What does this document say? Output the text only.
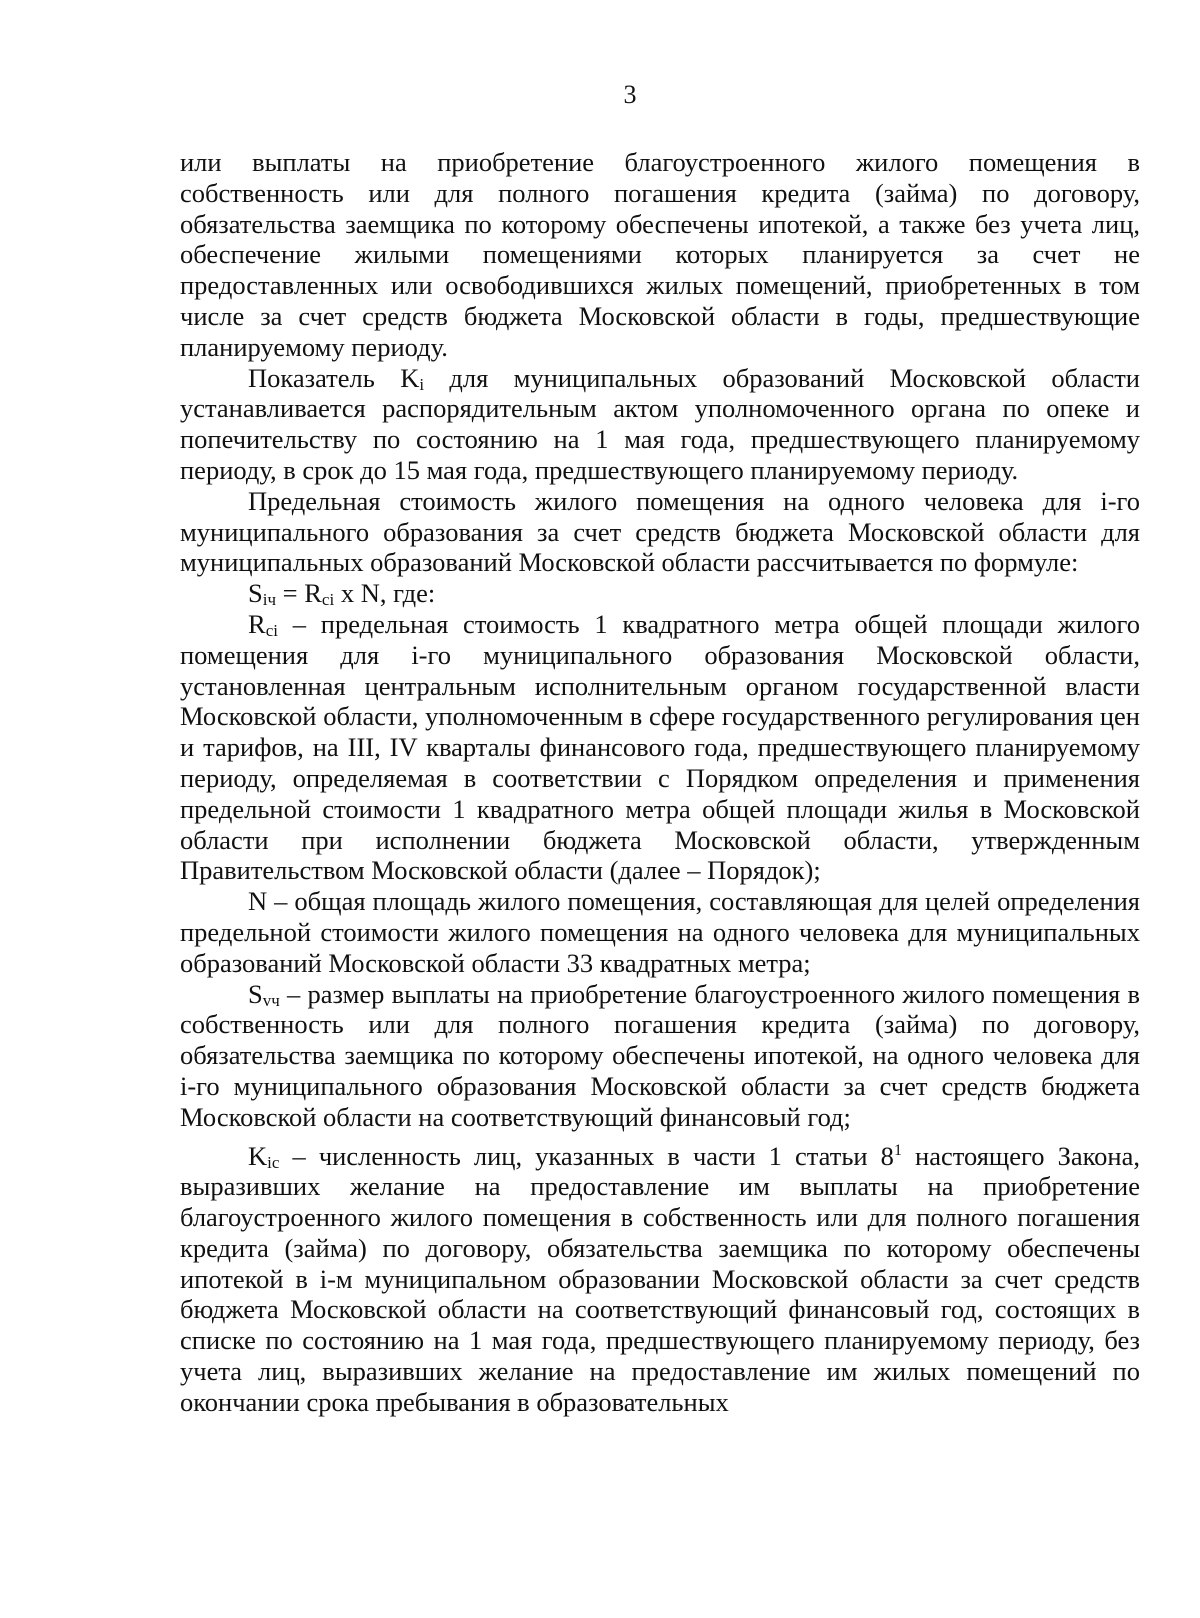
3

или выплаты на приобретение благоустроенного жилого помещения в собственность или для полного погашения кредита (займа) по договору, обязательства заемщика по которому обеспечены ипотекой, а также без учета лиц, обеспечение жилыми помещениями которых планируется за счет не предоставленных или освободившихся жилых помещений, приобретенных в том числе за счет средств бюджета Московской области в годы, предшествующие планируемому периоду.

Показатель $K_i$ для муниципальных образований Московской области устанавливается распорядительным актом уполномоченного органа по опеке и попечительству по состоянию на 1 мая года, предшествующего планируемому периоду, в срок до 15 мая года, предшествующего планируемому периоду.

Предельная стоимость жилого помещения на одного человека для i-го муниципального образования за счет средств бюджета Московской области для муниципальных образований Московской области рассчитывается по формуле:

$S_{iч} = R_{ci}$ x N, где:

$R_{ci}$ – предельная стоимость 1 квадратного метра общей площади жилого помещения для i-го муниципального образования Московской области, установленная центральным исполнительным органом государственной власти Московской области, уполномоченным в сфере государственного регулирования цен и тарифов, на III, IV кварталы финансового года, предшествующего планируемому периоду, определяемая в соответствии с Порядком определения и применения предельной стоимости 1 квадратного метра общей площади жилья в Московской области при исполнении бюджета Московской области, утвержденным Правительством Московской области (далее – Порядок);

N – общая площадь жилого помещения, составляющая для целей определения предельной стоимости жилого помещения на одного человека для муниципальных образований Московской области 33 квадратных метра;

$S_{vч}$ – размер выплаты на приобретение благоустроенного жилого помещения в собственность или для полного погашения кредита (займа) по договору, обязательства заемщика по которому обеспечены ипотекой, на одного человека для i-го муниципального образования Московской области за счет средств бюджета Московской области на соответствующий финансовый год;

$K_{ic}$ – численность лиц, указанных в части 1 статьи $8^1$ настоящего Закона, выразивших желание на предоставление им выплаты на приобретение благоустроенного жилого помещения в собственность или для полного погашения кредита (займа) по договору, обязательства заемщика по которому обеспечены ипотекой в i-м муниципальном образовании Московской области за счет средств бюджета Московской области на соответствующий финансовый год, состоящих в списке по состоянию на 1 мая года, предшествующего планируемому периоду, без учета лиц, выразивших желание на предоставление им жилых помещений по окончании срока пребывания в образовательных
